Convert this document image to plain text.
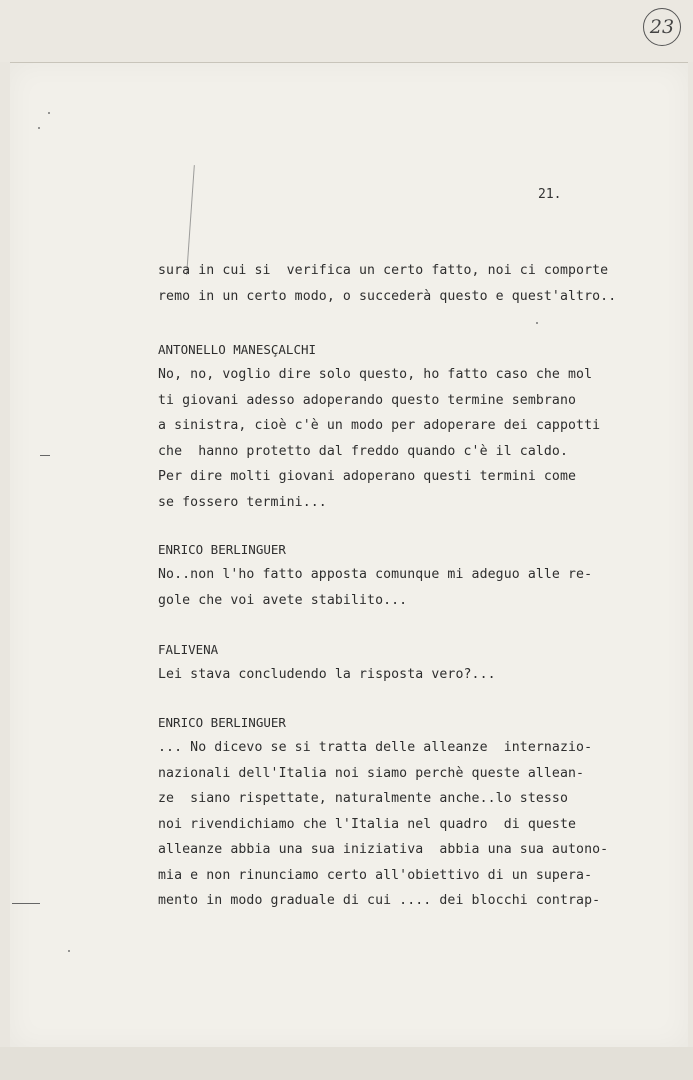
23
21.
sura in cui si  verifica un certo fatto, noi ci comporte
remo in un certo modo, o succederà questo e quest'altro..
ANTONELLO MANESÇALCHI
No, no, voglio dire solo questo, ho fatto caso che mol
ti giovani adesso adoperando questo termine sembrano
a sinistra, cioè c'è un modo per adoperare dei cappotti
che  hanno protetto dal freddo quando c'è il caldo.
Per dire molti giovani adoperano questi termini come
se fossero termini...
ENRICO BERLINGUER
No..non l'ho fatto apposta comunque mi adeguo alle re-
gole che voi avete stabilito...
FALIVENA
Lei stava concludendo la risposta vero?...
ENRICO BERLINGUER
... No dicevo se si tratta delle alleanze  internazio-
nazionali dell'Italia noi siamo perchè queste allean-
ze  siano rispettate, naturalmente anche..lo stesso
noi rivendichiamo che l'Italia nel quadro  di queste
alleanze abbia una sua iniziativa  abbia una sua autono-
mia e non rinunciamo certo all'obiettivo di un supera-
mento in modo graduale di cui .... dei blocchi contrap-
